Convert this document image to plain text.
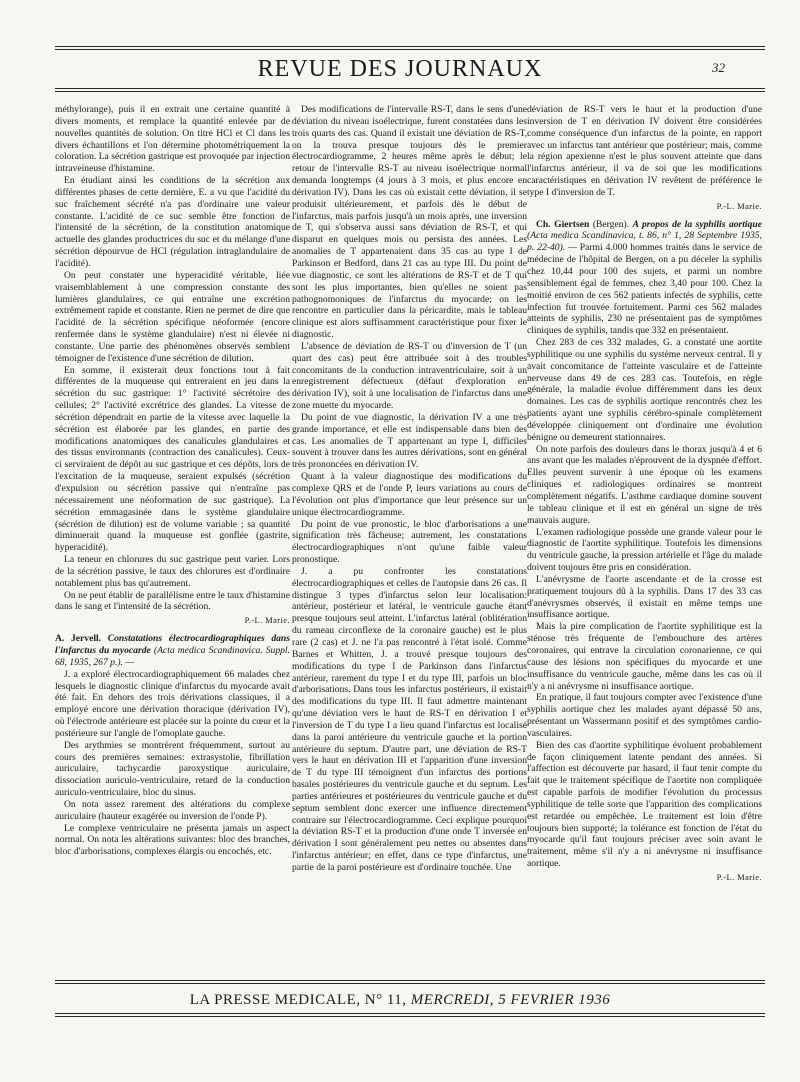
REVUE DES JOURNAUX	32

méthylorange), puis il en extrait une certaine quantité à divers moments, et remplace la quantité enlevée par de nouvelles quantités de solution. On titre HCl et Cl dans les divers échantillons et l'on détermine photométriquement la coloration. La sécrétion gastrique est provoquée par injection intraveineuse d'histamine.

En étudiant ainsi les conditions de la sécrétion aux différentes phases de cette dernière, E. a vu que l'acidité du suc fraîchement sécrété n'a pas d'ordinaire une valeur constante. L'acidité de ce suc semble être fonction de l'intensité de la sécrétion, de la constitution anatomique actuelle des glandes productrices du suc et du mélange d'une sécrétion dépourvue de HCl (régulation intraglandulaire de l'acidité).

On peut constater une hyperacidité véritable, liée vraisemblablement à une compression constante des lumières glandulaires, ce qui entraîne une excrétion extrêmement rapide et constante. Rien ne permet de dire que l'acidité de la sécrétion spécifique néoformée (encore renfermée dans le système glandulaire) n'est ni élevée ni constante. Une partie des phénomènes observés semblent témoigner de l'existence d'une sécrétion de dilution.

En somme, il existerait deux fonctions tout à fait différentes de la muqueuse qui entreraient en jeu dans la sécrétion du suc gastrique: 1° l'activité sécrétoire des cellules; 2° l'activité excrétrice des glandes. La vitesse de sécrétion dépendrait en partie de la vitesse avec laquelle la sécrétion est élaborée par les glandes, en partie des modifications anatomiques des canalicules glandulaires et des tissus environnants (contraction des canalicules). Ceux-ci serviraient de dépôt au suc gastrique et ces dépôts, lors de l'excitation de la muqueuse, seraient expulsés (sécrétion d'expulsion ou sécrétion passive qui n'entraîne pas nécessairement une néoformation de suc gastrique). La sécrétion emmagasinée dans le système glandulaire (sécrétion de dilution) est de volume variable ; sa quantité diminuerait quand la muqueuse est gonflée (gastrite, hyperacidité).

La teneur en chlorures du suc gastrique peut varier. Lors de la sécrétion passive, le taux des chlorures est d'ordinaire notablement plus bas qu'autrement.

On ne peut établir de parallélisme entre le taux d'histamine dans le sang et l'intensité de la sécrétion.

P.-L. Marie.

A. Jervell. Constatations électrocardiographiques dans l'infarctus du myocarde (Acta medica Scandinavica. Suppl. 68, 1935, 267 p.). —

J. a exploré électrocardiographiquement 66 malades chez lesquels le diagnostic clinique d'infarctus du myocarde avait été fait. En dehors des trois dérivations classiques, il a employé encore une dérivation thoracique (dérivation IV), où l'électrode antérieure est placée sur la pointe du cœur et la postérieure sur l'angle de l'omoplate gauche.

Des arythmies se montrèrent fréquemment, surtout au cours des premières semaines: extrasystolie, fibrillation auriculaire, tachycardie paroxystique auriculaire, dissociation auriculo-ventriculaire, retard de la conduction auriculo-ventriculaire, bloc du sinus.

On nota assez rarement des altérations du complexe auriculaire (hauteur exagérée ou inversion de l'onde P).

Le complexe ventriculaire ne présenta jamais un aspect normal. On nota les altérations suivantes: bloc des branches, bloc d'arborisations, complexes élargis ou encochés, etc.

Des modifications de l'intervalle RS-T, dans le sens d'une déviation du niveau isoélectrique, furent constatées dans les trois quarts des cas. Quand il existait une déviation de RS-T, on la trouva presque toujours dès le premier électrocardiogramme, 2 heures même après le début; le retour de l'intervalle RS-T au niveau isoélectrique normal demanda longtemps (4 jours à 3 mois, et plus encore en dérivation IV). Dans les cas où existait cette déviation, il se produisit ultérieurement, et parfois dès le début de l'infarctus, mais parfois jusqu'à un mois après, une inversion de T, qui s'observa aussi sans déviation de RS-T, et qui disparut en quelques mois ou persista des années. Les anomalies de T appartenaient dans 35 cas au type I de Parkinson et Bedford, dans 21 cas au type III. Du point de vue diagnostic, ce sont les altérations de RS-T et de T qui sont les plus importantes, bien qu'elles ne soient pas pathognomoniques de l'infarctus du myocarde; on les rencontre en particulier dans la péricardite, mais le tableau clinique est alors suffisamment caractéristique pour fixer le diagnostic.

L'absence de déviation de RS-T ou d'inversion de T (un quart des cas) peut être attribuée soit à des troubles concomitants de la conduction intraventriculaire, soit à un enregistrement défectueux (défaut d'exploration en dérivation IV), soit à une localisation de l'infarctus dans une zone muette du myocarde.

Du point de vue diagnostic, la dérivation IV a une très grande importance, et elle est indispensable dans bien des cas. Les anomalies de T appartenant au type I, difficiles souvent à trouver dans les autres dérivations, sont en général très prononcées en dérivation IV.

Quant à la valeur diagnostique des modifications du complexe QRS et de l'onde P, leurs variations au cours de l'évolution ont plus d'importance que leur présence sur un unique électrocardiogramme.

Du point de vue pronostic, le bloc d'arborisations a une signification très fâcheuse; autrement, les constatations électrocardiographiques n'ont qu'une faible valeur pronostique.

J. a pu confronter les constatations électrocardiographiques et celles de l'autopsie dans 26 cas. Il distingue 3 types d'infarctus selon leur localisation: antérieur, postérieur et latéral, le ventricule gauche étant presque toujours seul atteint. L'infarctus latéral (oblitération du rameau circonflexe de la coronaire gauche) est le plus rare (2 cas) et J. ne l'a pas rencontré à l'état isolé. Comme Barnes et Whitten, J. a trouvé presque toujours des modifications du type I de Parkinson dans l'infarctus antérieur, rarement du type I et du type III, parfois un bloc d'arborisations. Dans tous les infarctus postérieurs, il existait des modifications du type III. Il faut admettre maintenant qu'une déviation vers le haut de RS-T en dérivation I et l'inversion de T du type I a lieu quand l'infarctus est localisé dans la paroi antérieure du ventricule gauche et la portion antérieure du septum. D'autre part, une déviation de RS-T vers le haut en dérivation III et l'apparition d'une inversion de T du type III témoignent d'un infarctus des portions basales postérieures du ventricule gauche et du septum. Les parties antérieures et postérieures du ventricule gauche et du septum semblent donc exercer une influence directement contraire sur l'électrocardiogramme. Ceci explique pourquoi la déviation RS-T et la production d'une onde T inversée en dérivation I sont généralement peu nettes ou absentes dans l'infarctus antérieur; en effet, dans ce type d'infarctus, une partie de la paroi postérieure est d'ordinaire touchée. Une

déviation de RS-T vers le haut et la production d'une inversion de T en dérivation IV doivent être considérées comme conséquence d'un infarctus de la pointe, en rapport avec un infarctus tant antérieur que postérieur; mais, comme la région apexienne n'est le plus souvent atteinte que dans l'infarctus antérieur, il va de soi que les modifications caractéristiques en dérivation IV revêtent de préférence le type I d'inversion de T.

P.-L. Marie.

Ch. Giertsen (Bergen). A propos de la syphilis aortique (Acta medica Scandinavica, t. 86, n° 1, 28 Septembre 1935, p. 22-40). — Parmi 4.000 hommes traités dans le service de médecine de l'hôpital de Bergen, on a pu déceler la syphilis chez 10,44 pour 100 des sujets, et parmi un nombre sensiblement égal de femmes, chez 3,40 pour 100. Chez la moitié environ de ces 562 patients infectés de syphilis, cette infection fut trouvée fortuitement. Parmi ces 562 malades atteints de syphilis, 230 ne présentaient pas de symptômes cliniques de syphilis, tandis que 332 en présentaient.

Chez 283 de ces 332 malades, G. a constaté une aortite syphilitique ou une syphilis du système nerveux central. Il y avait concomitance de l'atteinte vasculaire et de l'atteinte nerveuse dans 49 de ces 283 cas. Toutefois, en règle générale, la maladie évolue différemment dans les deux domaines. Les cas de syphilis aortique rencontrés chez les patients ayant une syphilis cérébro-spinale complètement développée cliniquement ont d'ordinaire une évolution bénigne ou demeurent stationnaires.

On note parfois des douleurs dans le thorax jusqu'à 4 et 6 ans avant que les malades n'éprouvent de la dyspnée d'effort. Elles peuvent survenir à une époque où les examens cliniques et radiologiques ordinaires se montrent complètement négatifs. L'asthme cardiaque domine souvent le tableau clinique et il est en général un signe de très mauvais augure.

L'examen radiologique possède une grande valeur pour le diagnostic de l'aortite syphilitique. Toutefois les dimensions du ventricule gauche, la pression artérielle et l'âge du malade doivent toujours être pris en considération.

L'anévrysme de l'aorte ascendante et de la crosse est pratiquement toujours dû à la syphilis. Dans 17 des 33 cas d'anévrysmes observés, il existait en même temps une insuffisance aortique.

Mais la pire complication de l'aortite syphilitique est la sténose très fréquente de l'embouchure des artères coronaires, qui entrave la circulation coronarienne, ce qui cause des lésions non spécifiques du myocarde et une insuffisance du ventricule gauche, même dans les cas où il n'y a ni anévrysme ni insuffisance aortique.

En pratique, il faut toujours compter avec l'existence d'une syphilis aortique chez les malades ayant dépassé 50 ans, présentant un Wassermann positif et des symptômes cardio-vasculaires.

Bien des cas d'aortite syphilitique évoluent probablement de façon cliniquement latente pendant des années. Si l'affection est découverte par hasard, il faut tenir compte du fait que le traitement spécifique de l'aortite non compliquée est capable parfois de modifier l'évolution du processus syphilitique de telle sorte que l'apparition des complications est retardée ou empêchée. Le traitement est loin d'être toujours bien supporté; la tolérance est fonction de l'état du myocarde qu'il faut toujours préciser avec soin avant le traitement, même s'il n'y a ni anévrysme ni insuffisance aortique.

P.-L. Marie.
LA PRESSE MEDICALE, N° 11, MERCREDI, 5 FEVRIER 1936
